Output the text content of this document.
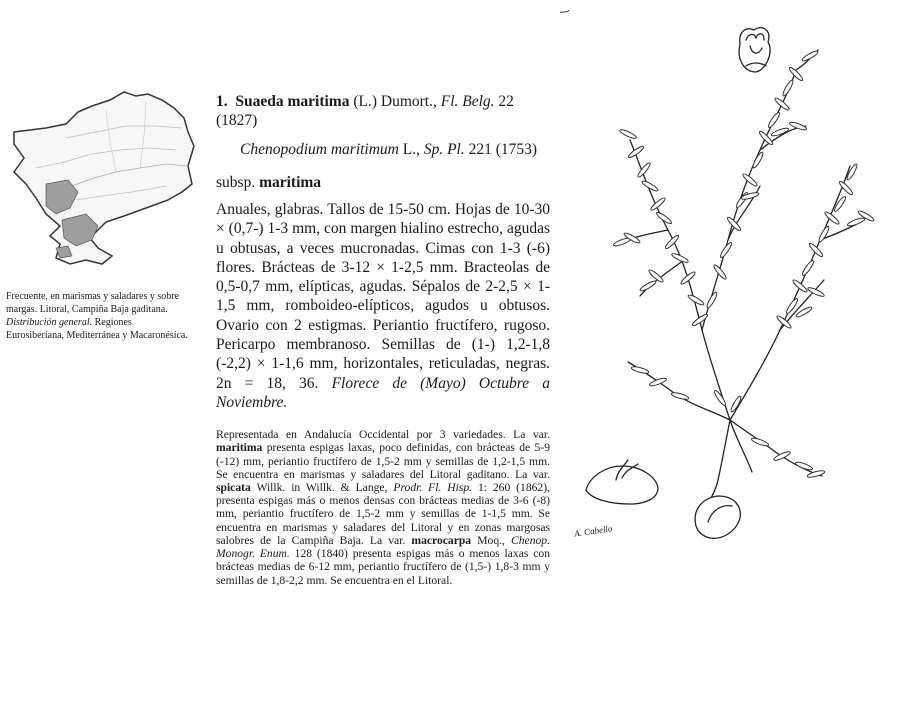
Frecuente, en marismas y saladares y sobre margas. Litoral, Campiña Baja gaditana.
Distribución general. Regiones Eurosiberiana, Mediterránea y Macaronésica.
1. Suaeda maritima (L.) Dumort., Fl. Belg. 22 (1827)
Chenopodium maritimum L., Sp. Pl. 221 (1753)
subsp. maritima
Anuales, glabras. Tallos de 15-50 cm. Hojas de 10-30 × (0,7-) 1-3 mm, con margen hialino estrecho, agudas u obtusas, a veces mucronadas. Cimas con 1-3 (-6) flores. Brácteas de 3-12 × 1-2,5 mm. Bracteolas de 0,5-0,7 mm, elípticas, agudas. Sépalos de 2-2,5 × 1-1,5 mm, romboideo-elípticos, agudos u obtusos. Ovario con 2 estigmas. Periantio fructífero, rugoso. Pericarpo membranoso. Semillas de (1-) 1,2-1,8 (-2,2) × 1-1,6 mm, horizontales, reticuladas, negras. 2n = 18, 36. Florece de (Mayo) Octubre a Noviembre.
Representada en Andalucía Occidental por 3 variedades. La var. maritima presenta espigas laxas, poco definidas, con brácteas de 5-9 (-12) mm, periantio fructífero de 1,5-2 mm y semillas de 1,2-1,5 mm. Se encuentra en marismas y saladares del Litoral gaditano. La var. spicata Willk. in Willk. & Lange, Prodr. Fl. Hisp. 1: 260 (1862), presenta espigas más o menos densas con brácteas medias de 3-6 (-8) mm, periantio fructífero de 1,5-2 mm y semillas de 1-1,5 mm. Se encuentra en marismas y saladares del Litoral y en zonas margosas salobres de la Campiña Baja. La var. macrocarpa Moq., Chenop. Monogr. Enum. 128 (1840) presenta espigas más o menos laxas con brácteas medias de 6-12 mm, periantio fructífero de (1,5-) 1,8-3 mm y semillas de 1,8-2,2 mm. Se encuentra en el Litoral.
A. Cabello
